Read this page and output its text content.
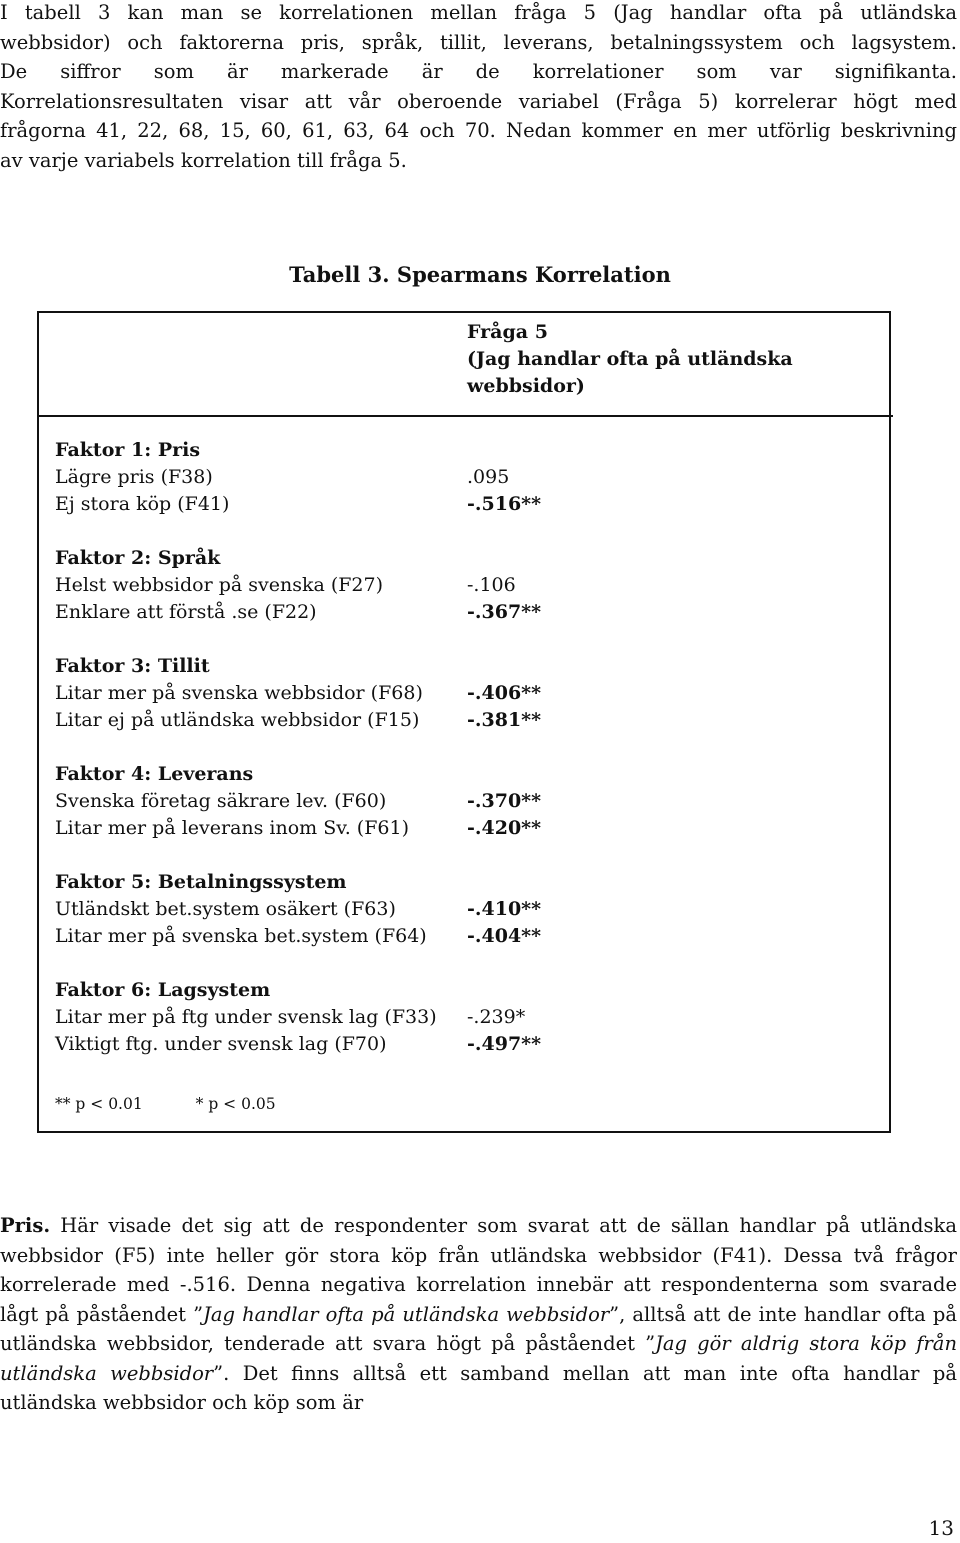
I tabell 3 kan man se korrelationen mellan fråga 5 (Jag handlar ofta på utländska
webbsidor) och faktorerna pris, språk, tillit, leverans, betalningssystem och lagsystem.
De siffror som är markerade är de korrelationer som var signifikanta.
Korrelationsresultaten visar att vår oberoende variabel (Fråga 5) korrelerar högt med
frågorna 41, 22, 68, 15, 60, 61, 63, 64 och 70. Nedan kommer en mer utförlig beskrivning
av varje variabels korrelation till fråga 5.

Tabell 3. Spearmans Korrelation
Fråga 5
(Jag handlar ofta på utländska
webbsidor)
Faktor 1: Pris
Lägre pris (F38)	.095
Ej stora köp (F41)	-.516**
Faktor 2: Språk
Helst webbsidor på svenska (F27)	-.106
Enklare att förstå .se (F22)	-.367**
Faktor 3: Tillit
Litar mer på svenska webbsidor (F68)	-.406**
Litar ej på utländska webbsidor (F15)	-.381**
Faktor 4: Leverans
Svenska företag säkrare lev. (F60)	-.370**
Litar mer på leverans inom Sv. (F61)	-.420**
Faktor 5: Betalningssystem
Utländskt bet.system osäkert (F63)	-.410**
Litar mer på svenska bet.system (F64)	-.404**
Faktor 6: Lagsystem
Litar mer på ftg under svensk lag (F33)	-.239*
Viktigt ftg. under svensk lag (F70)	-.497**
** p < 0.01	* p < 0.05

Pris. Här visade det sig att de respondenter som svarat att de sällan handlar på utländska webbsidor (F5) inte heller gör stora köp från utländska webbsidor (F41). Dessa två frågor korrelerade med -.516. Denna negativa korrelation innebär att respondenterna som svarade lågt på påståendet ”Jag handlar ofta på utländska webbsidor”, alltså att de inte handlar ofta på utländska webbsidor, tenderade att svara högt på påståendet ”Jag gör aldrig stora köp från utländska webbsidor”. Det finns alltså ett samband mellan att man inte ofta handlar på utländska webbsidor och köp som är

13
